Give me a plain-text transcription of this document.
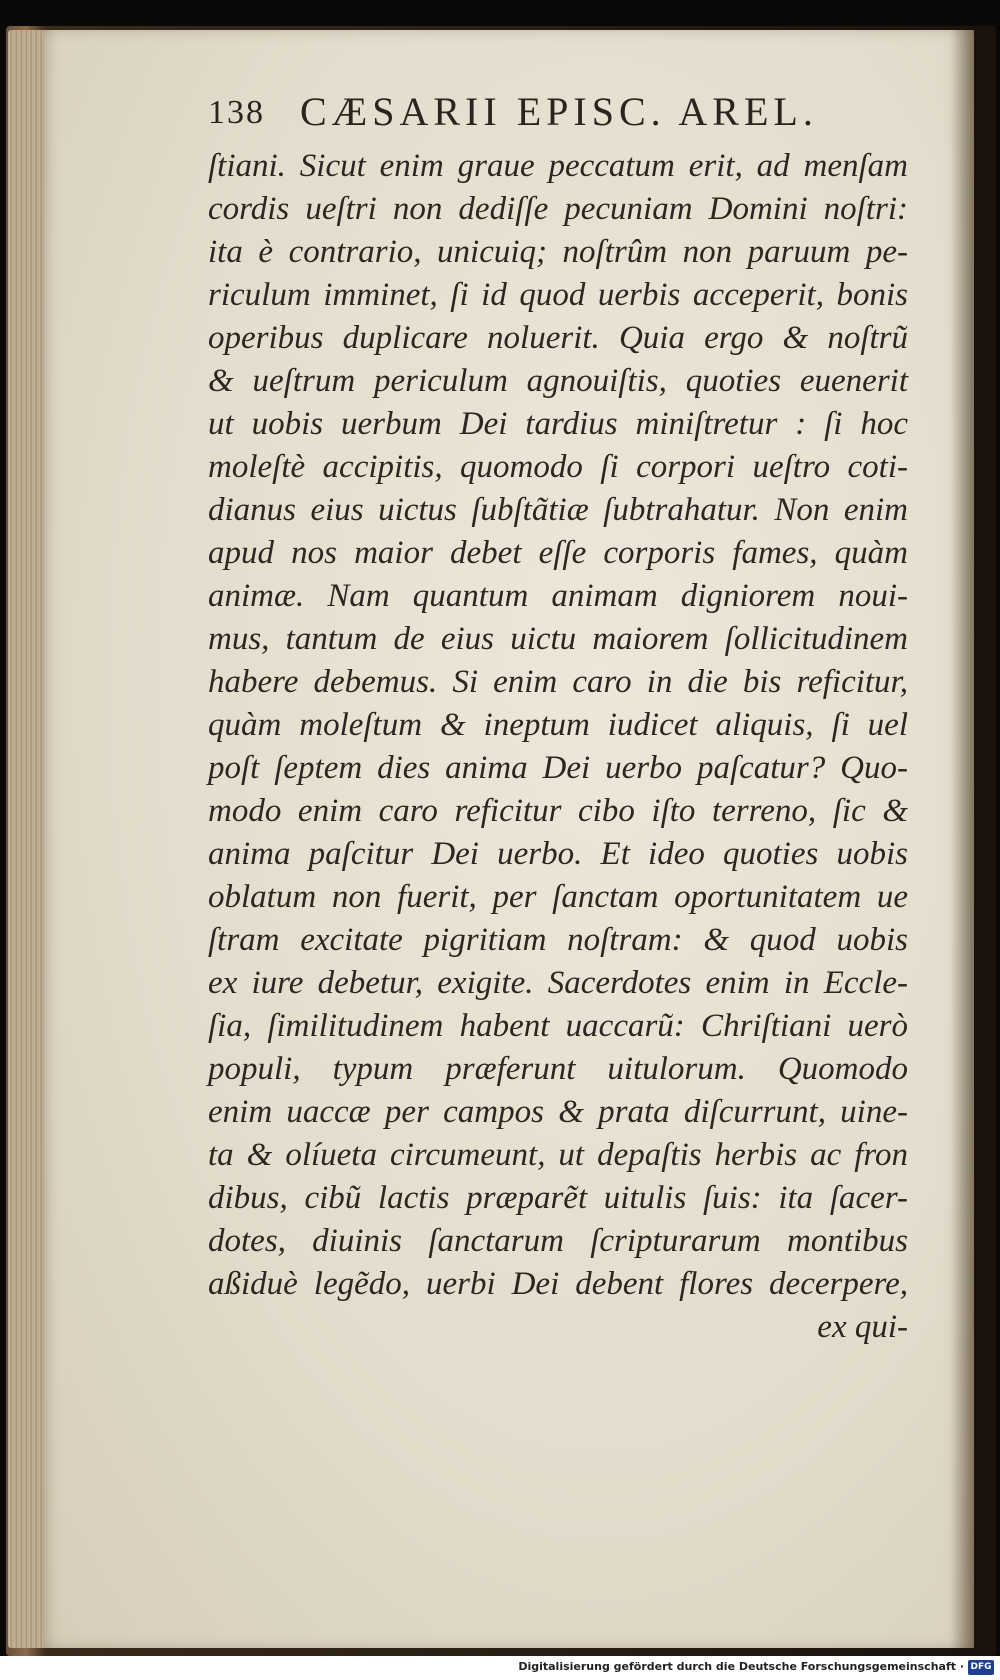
138 CÆSARII EPISC. AREL.
ſtiani. Sicut enim graue peccatum erit, ad menſam
cordis ueſtri non dediſſe pecuniam Domini noſtri:
ita è contrario, unicuiq; noſtrûm non paruum pe-
riculum imminet, ſi id quod uerbis acceperit, bonis
operibus duplicare noluerit. Quia ergo & noſtrũ
& ueſtrum periculum agnouiſtis, quoties euenerit
ut uobis uerbum Dei tardius miniſtretur : ſi hoc
moleſtè accipitis, quomodo ſi corpori ueſtro coti-
dianus eius uictus ſubſtãtiæ ſubtrahatur. Non enim
apud nos maior debet eſſe corporis fames, quàm
animæ. Nam quantum animam digniorem noui-
mus, tantum de eius uictu maiorem ſollicitudinem
habere debemus. Si enim caro in die bis reficitur,
quàm moleſtum & ineptum iudicet aliquis, ſi uel
poſt ſeptem dies anima Dei uerbo paſcatur? Quo-
modo enim caro reficitur cibo iſto terreno, ſic &
anima paſcitur Dei uerbo. Et ideo quoties uobis
oblatum non fuerit, per ſanctam oportunitatem ue
ſtram excitate pigritiam noſtram: & quod uobis
ex iure debetur, exigite. Sacerdotes enim in Eccle-
ſia, ſimilitudinem habent uaccarũ: Chriſtiani uerò
populi, typum præferunt uitulorum. Quomodo
enim uaccæ per campos & prata diſcurrunt, uine-
ta & olíueta circumeunt, ut depaſtis herbis ac fron
dibus, cibũ lactis præparẽt uitulis ſuis: ita ſacer-
dotes, diuinis ſanctarum ſcripturarum montibus
aßiduè legẽdo, uerbi Dei debent flores decerpere,
ex qui-
Digitalisierung gefördert durch die Deutsche Forschungsgemeinschaft · DFG
